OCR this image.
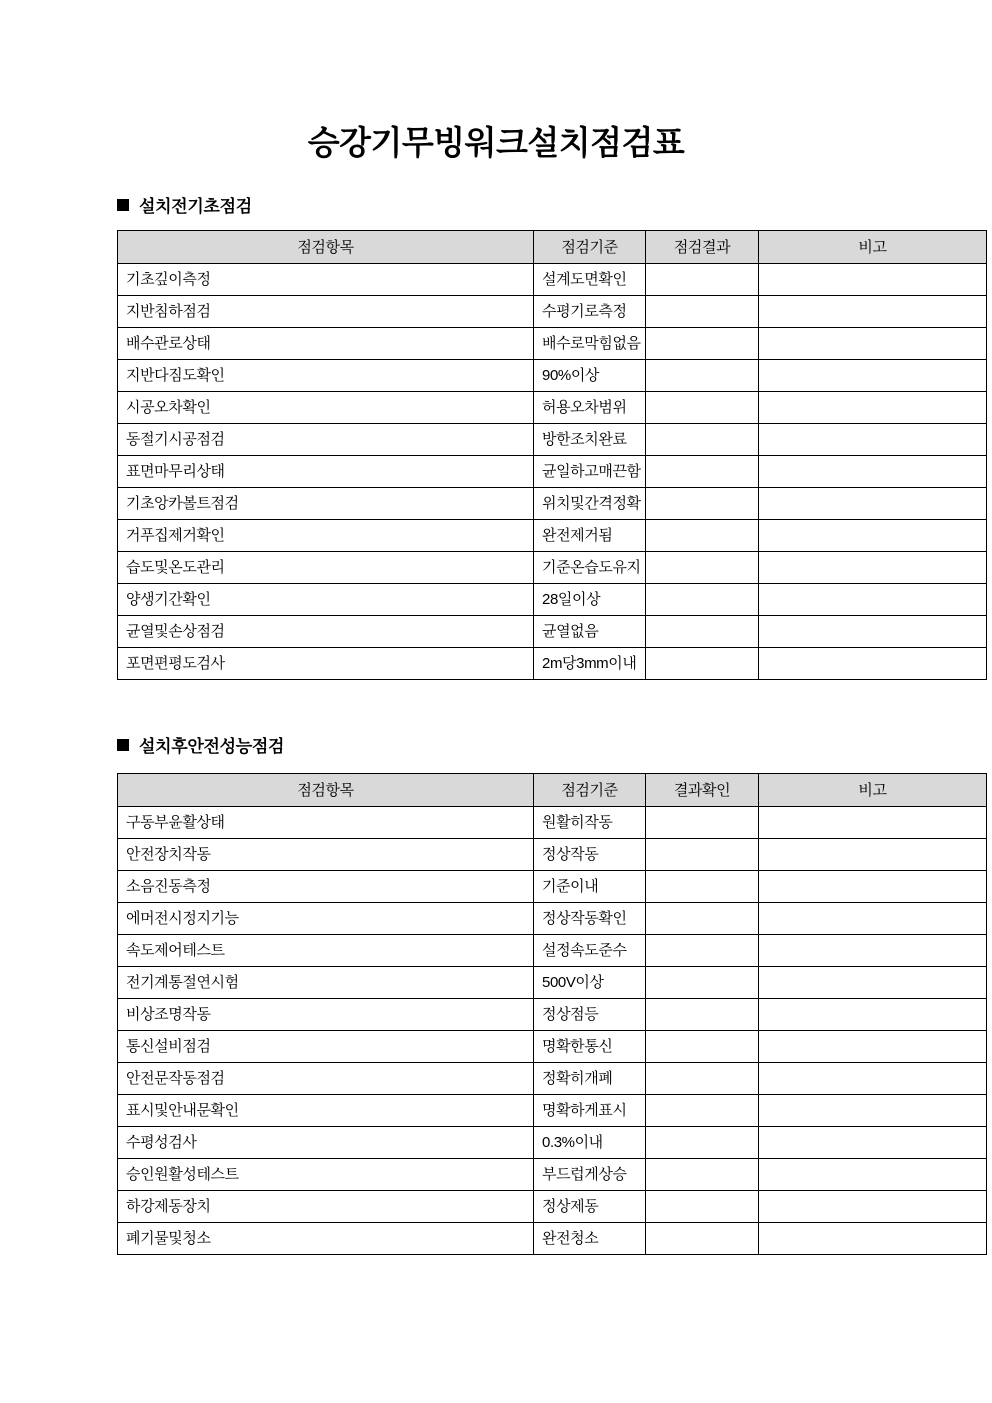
승강기무빙워크설치점검표
설치전기초점검
점검항목	점검기준	점검결과	비고
기초깊이측정	설계도면확인		
지반침하점검	수평기로측정		
배수관로상태	배수로막힘없음		
지반다짐도확인	90%이상		
시공오차확인	허용오차범위		
동절기시공점검	방한조치완료		
표면마무리상태	균일하고매끈함		
기초앙카볼트점검	위치및간격정확		
거푸집제거확인	완전제거됨		
습도및온도관리	기준온습도유지		
양생기간확인	28일이상		
균열및손상점검	균열없음		
포면편평도검사	2m당3mm이내		
설치후안전성능점검
점검항목	점검기준	결과확인	비고
구동부윤활상태	원활히작동		
안전장치작동	정상작동		
소음진동측정	기준이내		
에머전시정지기능	정상작동확인		
속도제어테스트	설정속도준수		
전기계통절연시험	500V이상		
비상조명작동	정상점등		
통신설비점검	명확한통신		
안전문작동점검	정확히개폐		
표시및안내문확인	명확하게표시		
수평성검사	0.3%이내		
승인원활성테스트	부드럽게상승		
하강제동장치	정상제동		
폐기물및청소	완전청소		
